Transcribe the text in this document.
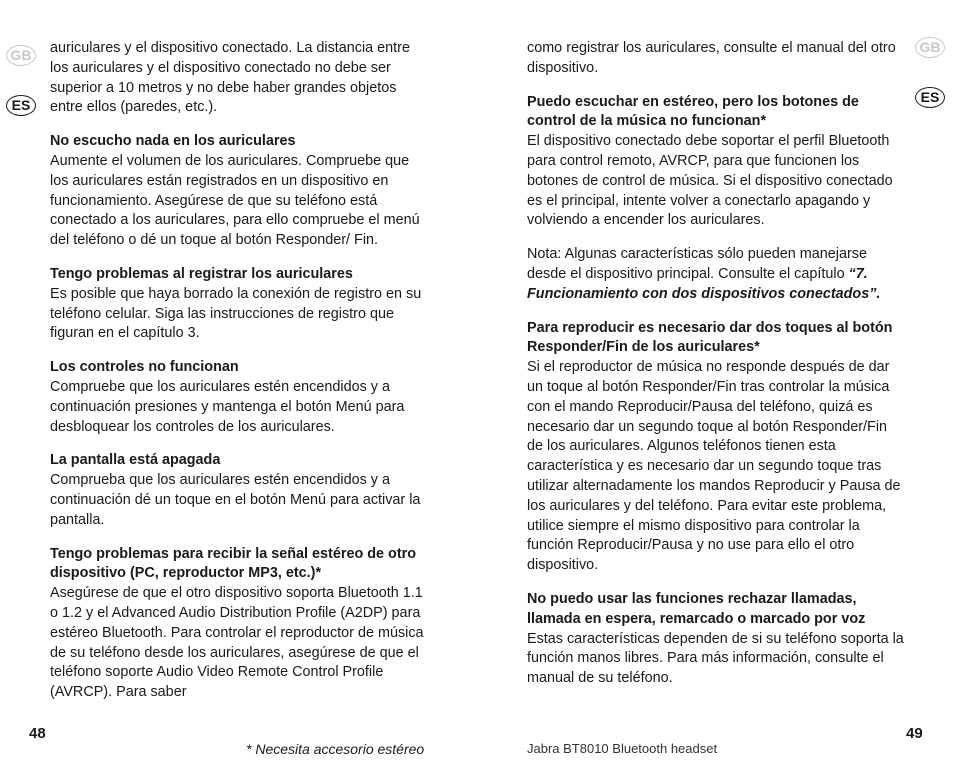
GB
ES

auriculares y el dispositivo conectado. La distancia entre los auriculares y el dispositivo conectado no debe ser superior a 10 metros y no debe haber grandes objetos entre ellos (paredes, etc.).

No escucho nada en los auriculares
Aumente el volumen de los auriculares. Compruebe que los auriculares están registrados en un dispositivo en funcionamiento. Asegúrese de que su teléfono está conectado a los auriculares, para ello compruebe el menú del teléfono o dé un toque al botón Responder/ Fin.
Tengo problemas al registrar los auriculares
Es posible que haya borrado la conexión de registro en su teléfono celular. Siga las instrucciones de registro que figuran en el capítulo 3.
Los controles no funcionan
Compruebe que los auriculares estén encendidos y a continuación presiones y mantenga el botón Menú para desbloquear los controles de los auriculares.
La pantalla está apagada
Comprueba que los auriculares estén encendidos y a continuación dé un toque en el botón Menú para activar la pantalla.
Tengo problemas para recibir la señal estéreo de otro dispositivo (PC, reproductor MP3, etc.)*
Asegúrese de que el otro dispositivo soporta Bluetooth 1.1 o 1.2 y el Advanced Audio Distribution Profile (A2DP) para estéreo Bluetooth. Para controlar el reproductor de música de su teléfono desde los auriculares, asegúrese de que el teléfono soporte Audio Video Remote Control Profile (AVRCP). Para saber
48
* Necesita accesorio estéreo
GB
ES

como registrar los auriculares, consulte el manual del otro dispositivo.

Puedo escuchar en estéreo, pero los botones de control de la música no funcionan*
El dispositivo conectado debe soportar el perfil Bluetooth para control remoto, AVRCP, para que funcionen los botones de control de música. Si el dispositivo conectado es el principal, intente volver a conectarlo apagando y volviendo a encender los auriculares.

Nota: Algunas características sólo pueden manejarse desde el dispositivo principal. Consulte el capítulo “7. Funcionamiento con dos dispositivos conectados”.

Para reproducir es necesario dar dos toques al botón Responder/Fin de los auriculares*
Si el reproductor de música no responde después de dar un toque al botón Responder/Fin tras controlar la música con el mando Reproducir/Pausa del teléfono, quizá es necesario dar un segundo toque al botón Responder/Fin de los auriculares. Algunos teléfonos tienen esta característica y es necesario dar un segundo toque tras utilizar alternadamente los mandos Reproducir y Pausa de los auriculares y del teléfono. Para evitar este problema, utilice siempre el mismo dispositivo para controlar la función Reproducir/Pausa y no use para ello el otro dispositivo.
No puedo usar las funciones rechazar llamadas, llamada en espera, remarcado o marcado por voz
Estas características dependen de si su teléfono soporta la función manos libres. Para más información, consulte el manual de su teléfono.
49
Jabra BT8010 Bluetooth headset
